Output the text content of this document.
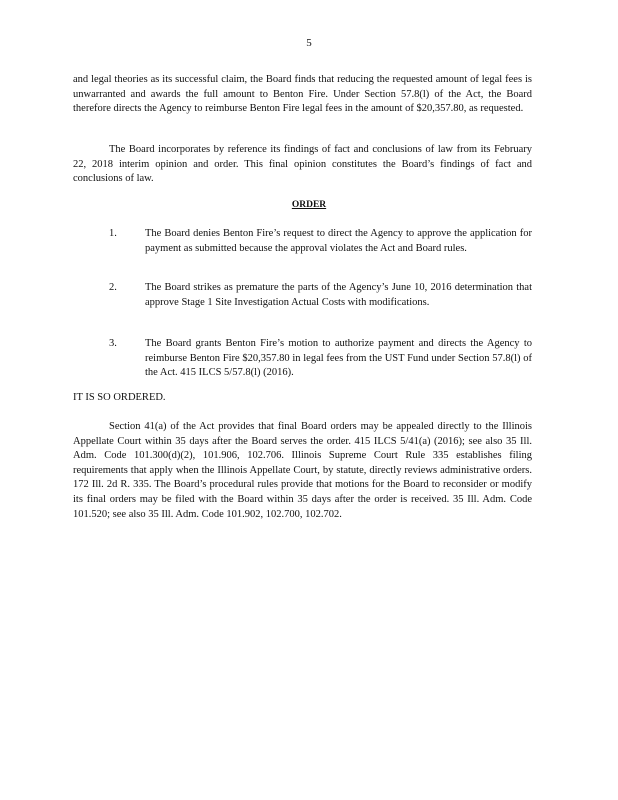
5

and legal theories as its successful claim, the Board finds that reducing the requested amount of legal fees is unwarranted and awards the full amount to Benton Fire. Under Section 57.8(l) of the Act, the Board therefore directs the Agency to reimburse Benton Fire legal fees in the amount of $20,357.80, as requested.

The Board incorporates by reference its findings of fact and conclusions of law from its February 22, 2018 interim opinion and order. This final opinion constitutes the Board’s findings of fact and conclusions of law.

ORDER
1.	The Board denies Benton Fire’s request to direct the Agency to approve the application for payment as submitted because the approval violates the Act and Board rules.

2.	The Board strikes as premature the parts of the Agency’s June 10, 2016 determination that approve Stage 1 Site Investigation Actual Costs with modifications.

3.	The Board grants Benton Fire’s motion to authorize payment and directs the Agency to reimburse Benton Fire $20,357.80 in legal fees from the UST Fund under Section 57.8(l) of the Act. 415 ILCS 5/57.8(l) (2016).

IT IS SO ORDERED.

Section 41(a) of the Act provides that final Board orders may be appealed directly to the Illinois Appellate Court within 35 days after the Board serves the order. 415 ILCS 5/41(a) (2016); see also 35 Ill. Adm. Code 101.300(d)(2), 101.906, 102.706. Illinois Supreme Court Rule 335 establishes filing requirements that apply when the Illinois Appellate Court, by statute, directly reviews administrative orders. 172 Ill. 2d R. 335. The Board’s procedural rules provide that motions for the Board to reconsider or modify its final orders may be filed with the Board within 35 days after the order is received. 35 Ill. Adm. Code 101.520; see also 35 Ill. Adm. Code 101.902, 102.700, 102.702.
